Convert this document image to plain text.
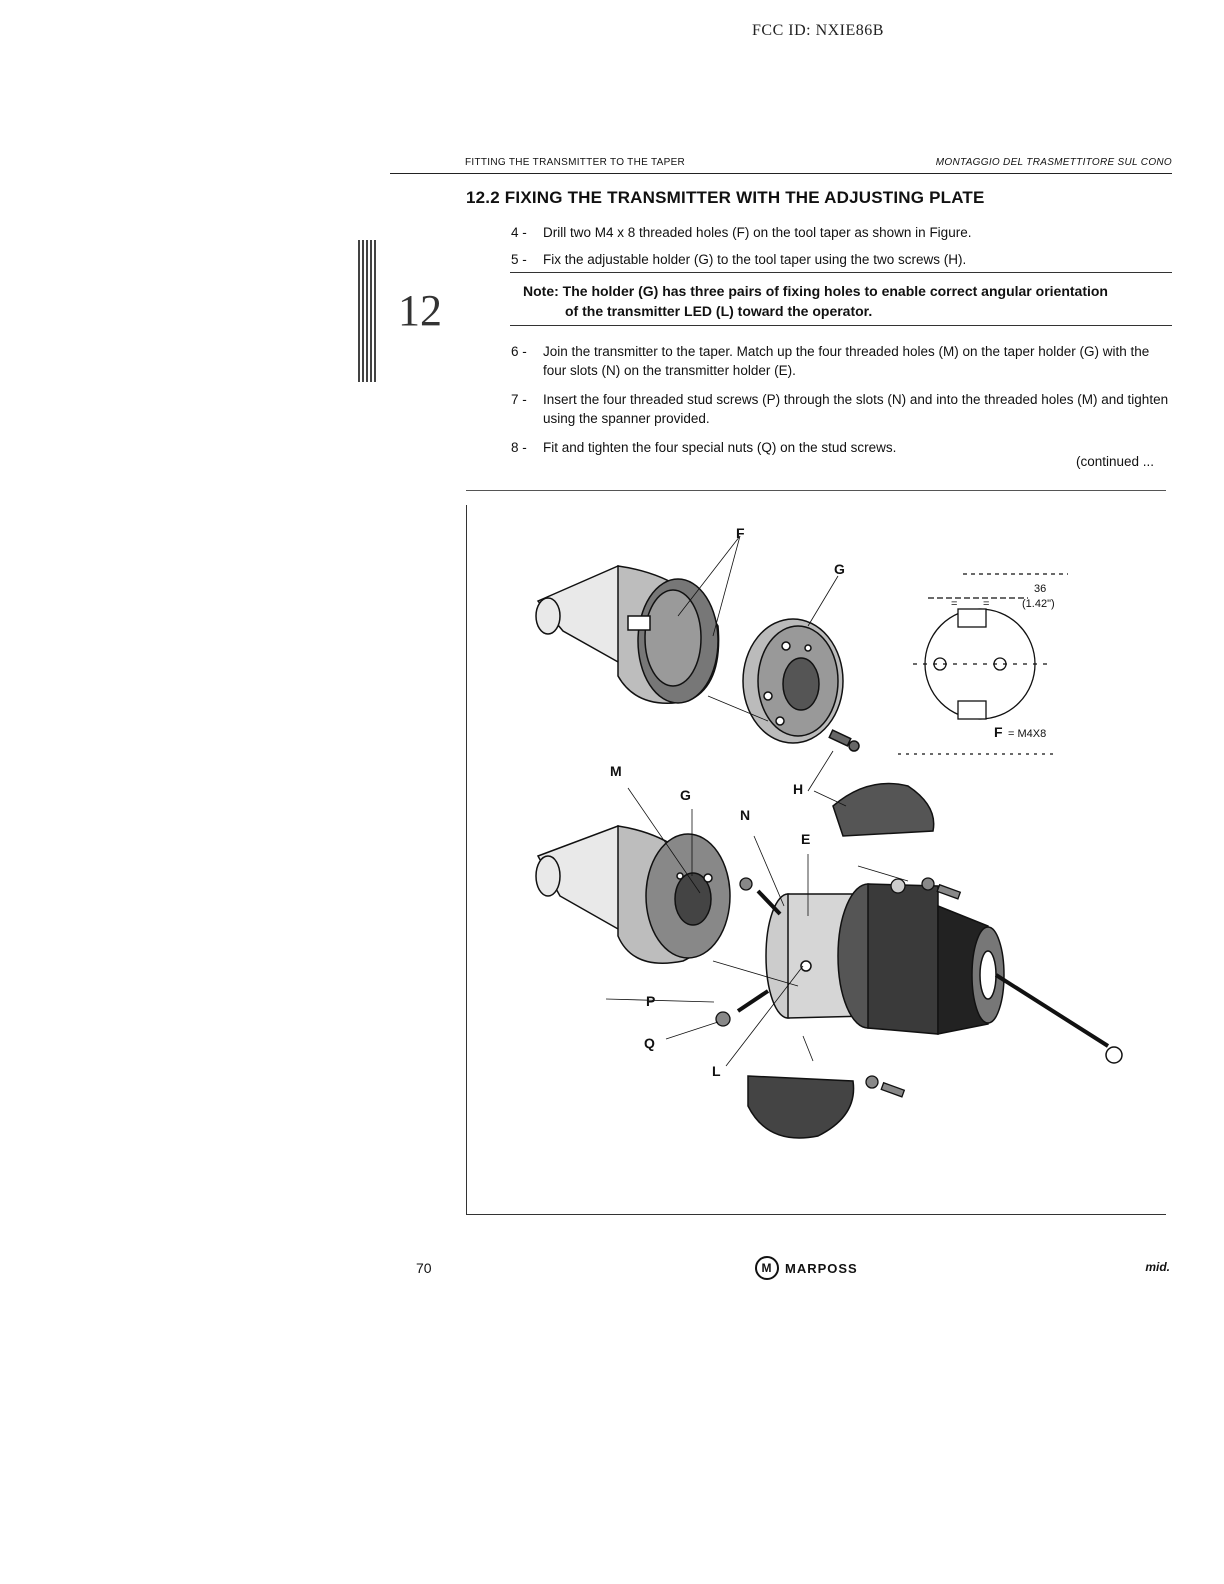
FCC ID: NXIE86B
FITTING THE TRANSMITTER TO THE TAPER	MONTAGGIO DEL TRASMETTITORE SUL CONO
12
12.2 FIXING THE TRANSMITTER WITH THE ADJUSTING PLATE
4 - Drill two M4 x 8 threaded holes (F) on the tool taper as shown in Figure.
5 - Fix the adjustable holder (G) to the tool taper using the two screws (H).
Note: The holder (G) has three pairs of fixing holes to enable correct angular orientation
of the transmitter LED (L) toward the operator.
6 - Join the transmitter to the taper. Match up the four threaded holes (M) on the taper holder (G) with the four slots (N) on the transmitter holder (E).
7 - Insert the four threaded stud screws (P) through the slots (N) and into the threaded holes (M) and tighten using the spanner provided.
8 - Fit and tighten the four special nuts (Q) on the stud screws.
(continued ...
36
(1.42")
= =
F = M4X8
F
G
H
M
G
N
E
P
Q
L
70	M MARPOSS	mid.
